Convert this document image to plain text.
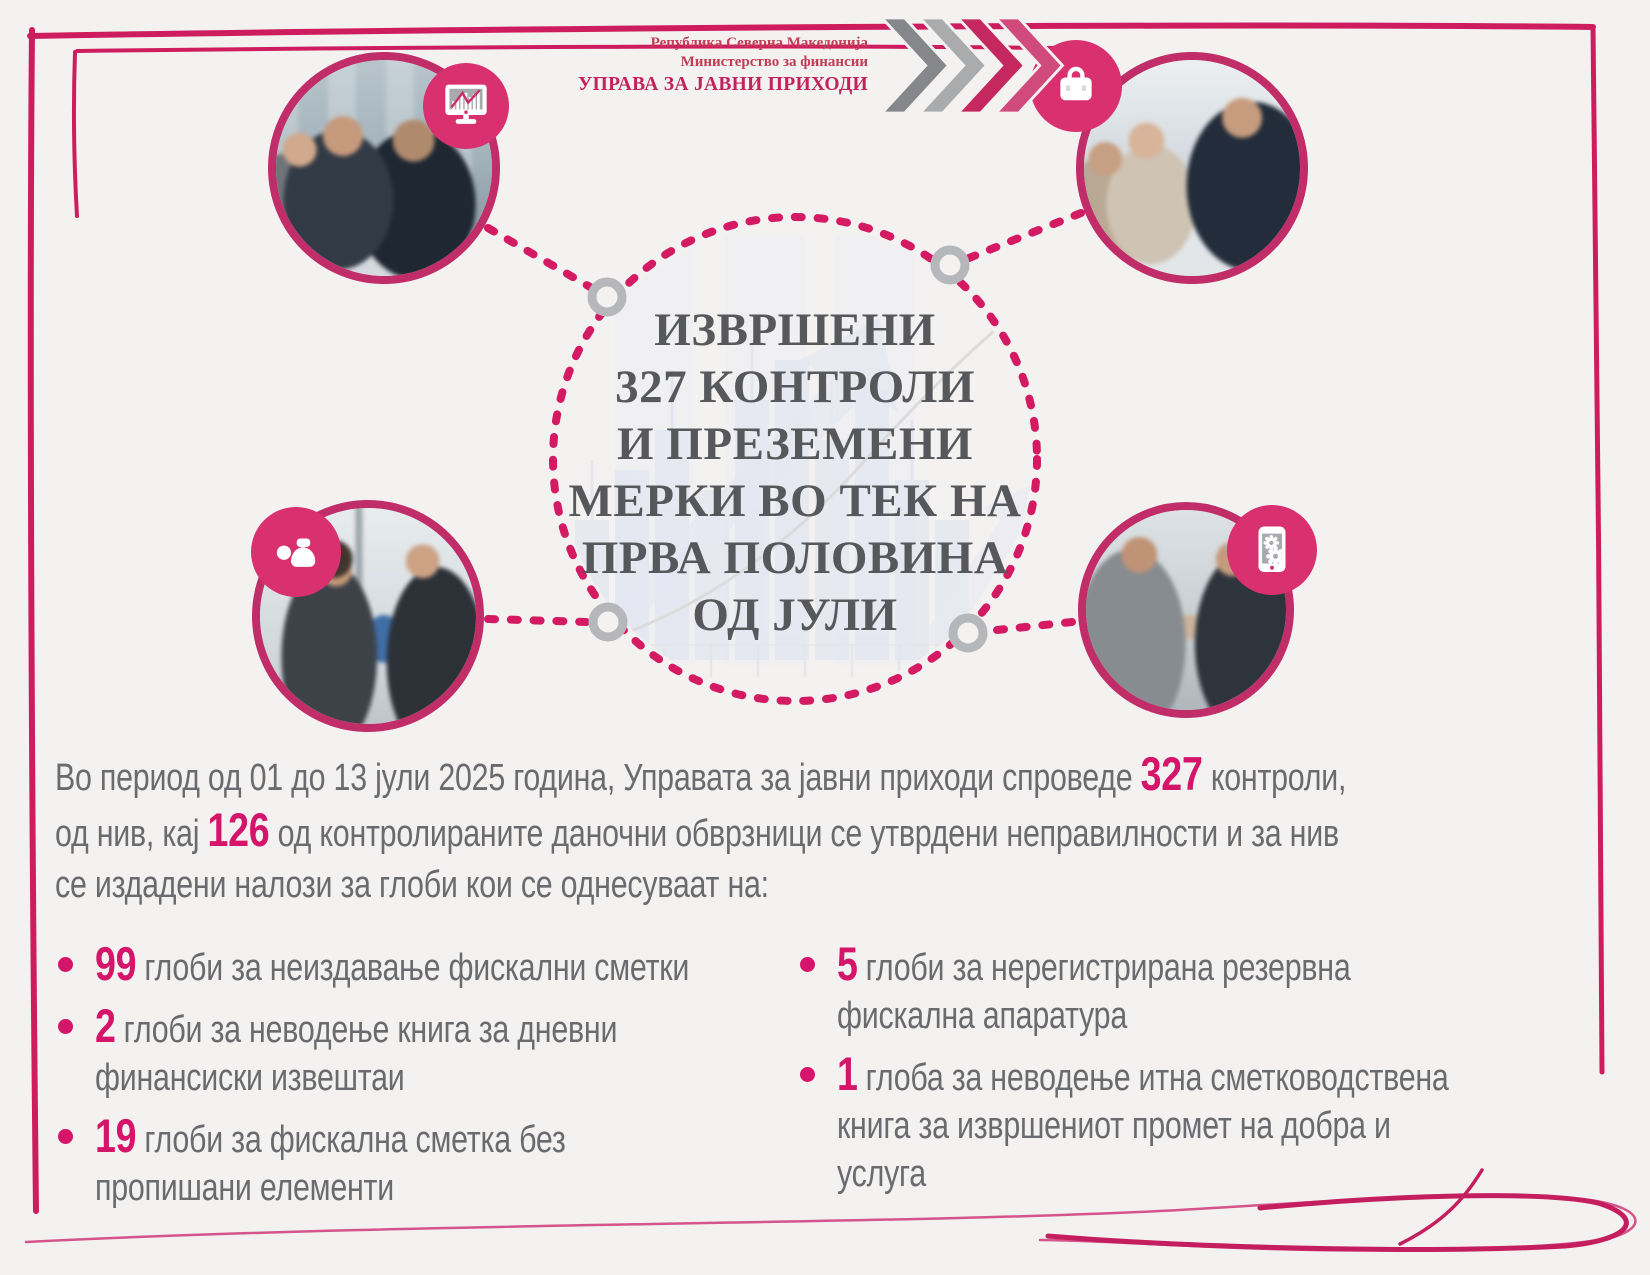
Република Северна Македонија
Министерство за финансии
УПРАВА ЗА ЈАВНИ ПРИХОДИ
ИЗВРШЕНИ
327 КОНТРОЛИ
И ПРЕЗЕМЕНИ
МЕРКИ ВО ТЕК НА
ПРВА ПОЛОВИНА
ОД ЈУЛИ
Во период од 01 до 13 јули 2025 година, Управата за јавни приходи спроведе 327 контроли,
од нив, кај 126 од контролираните даночни обврзници се утврдени неправилности и за нив
се издадени налози за глоби кои се однесуваат на:
99 глоби за неиздавање фискални сметки
2 глоби за неводење книга за дневни
финансиски извештаи
19 глоби за фискална сметка без
пропишани елементи
5 глоби за нерегистрирана резервна
фискална апаратура
1 глоба за неводење итна сметководствена
книга за извршениот промет на добра и
услуга
